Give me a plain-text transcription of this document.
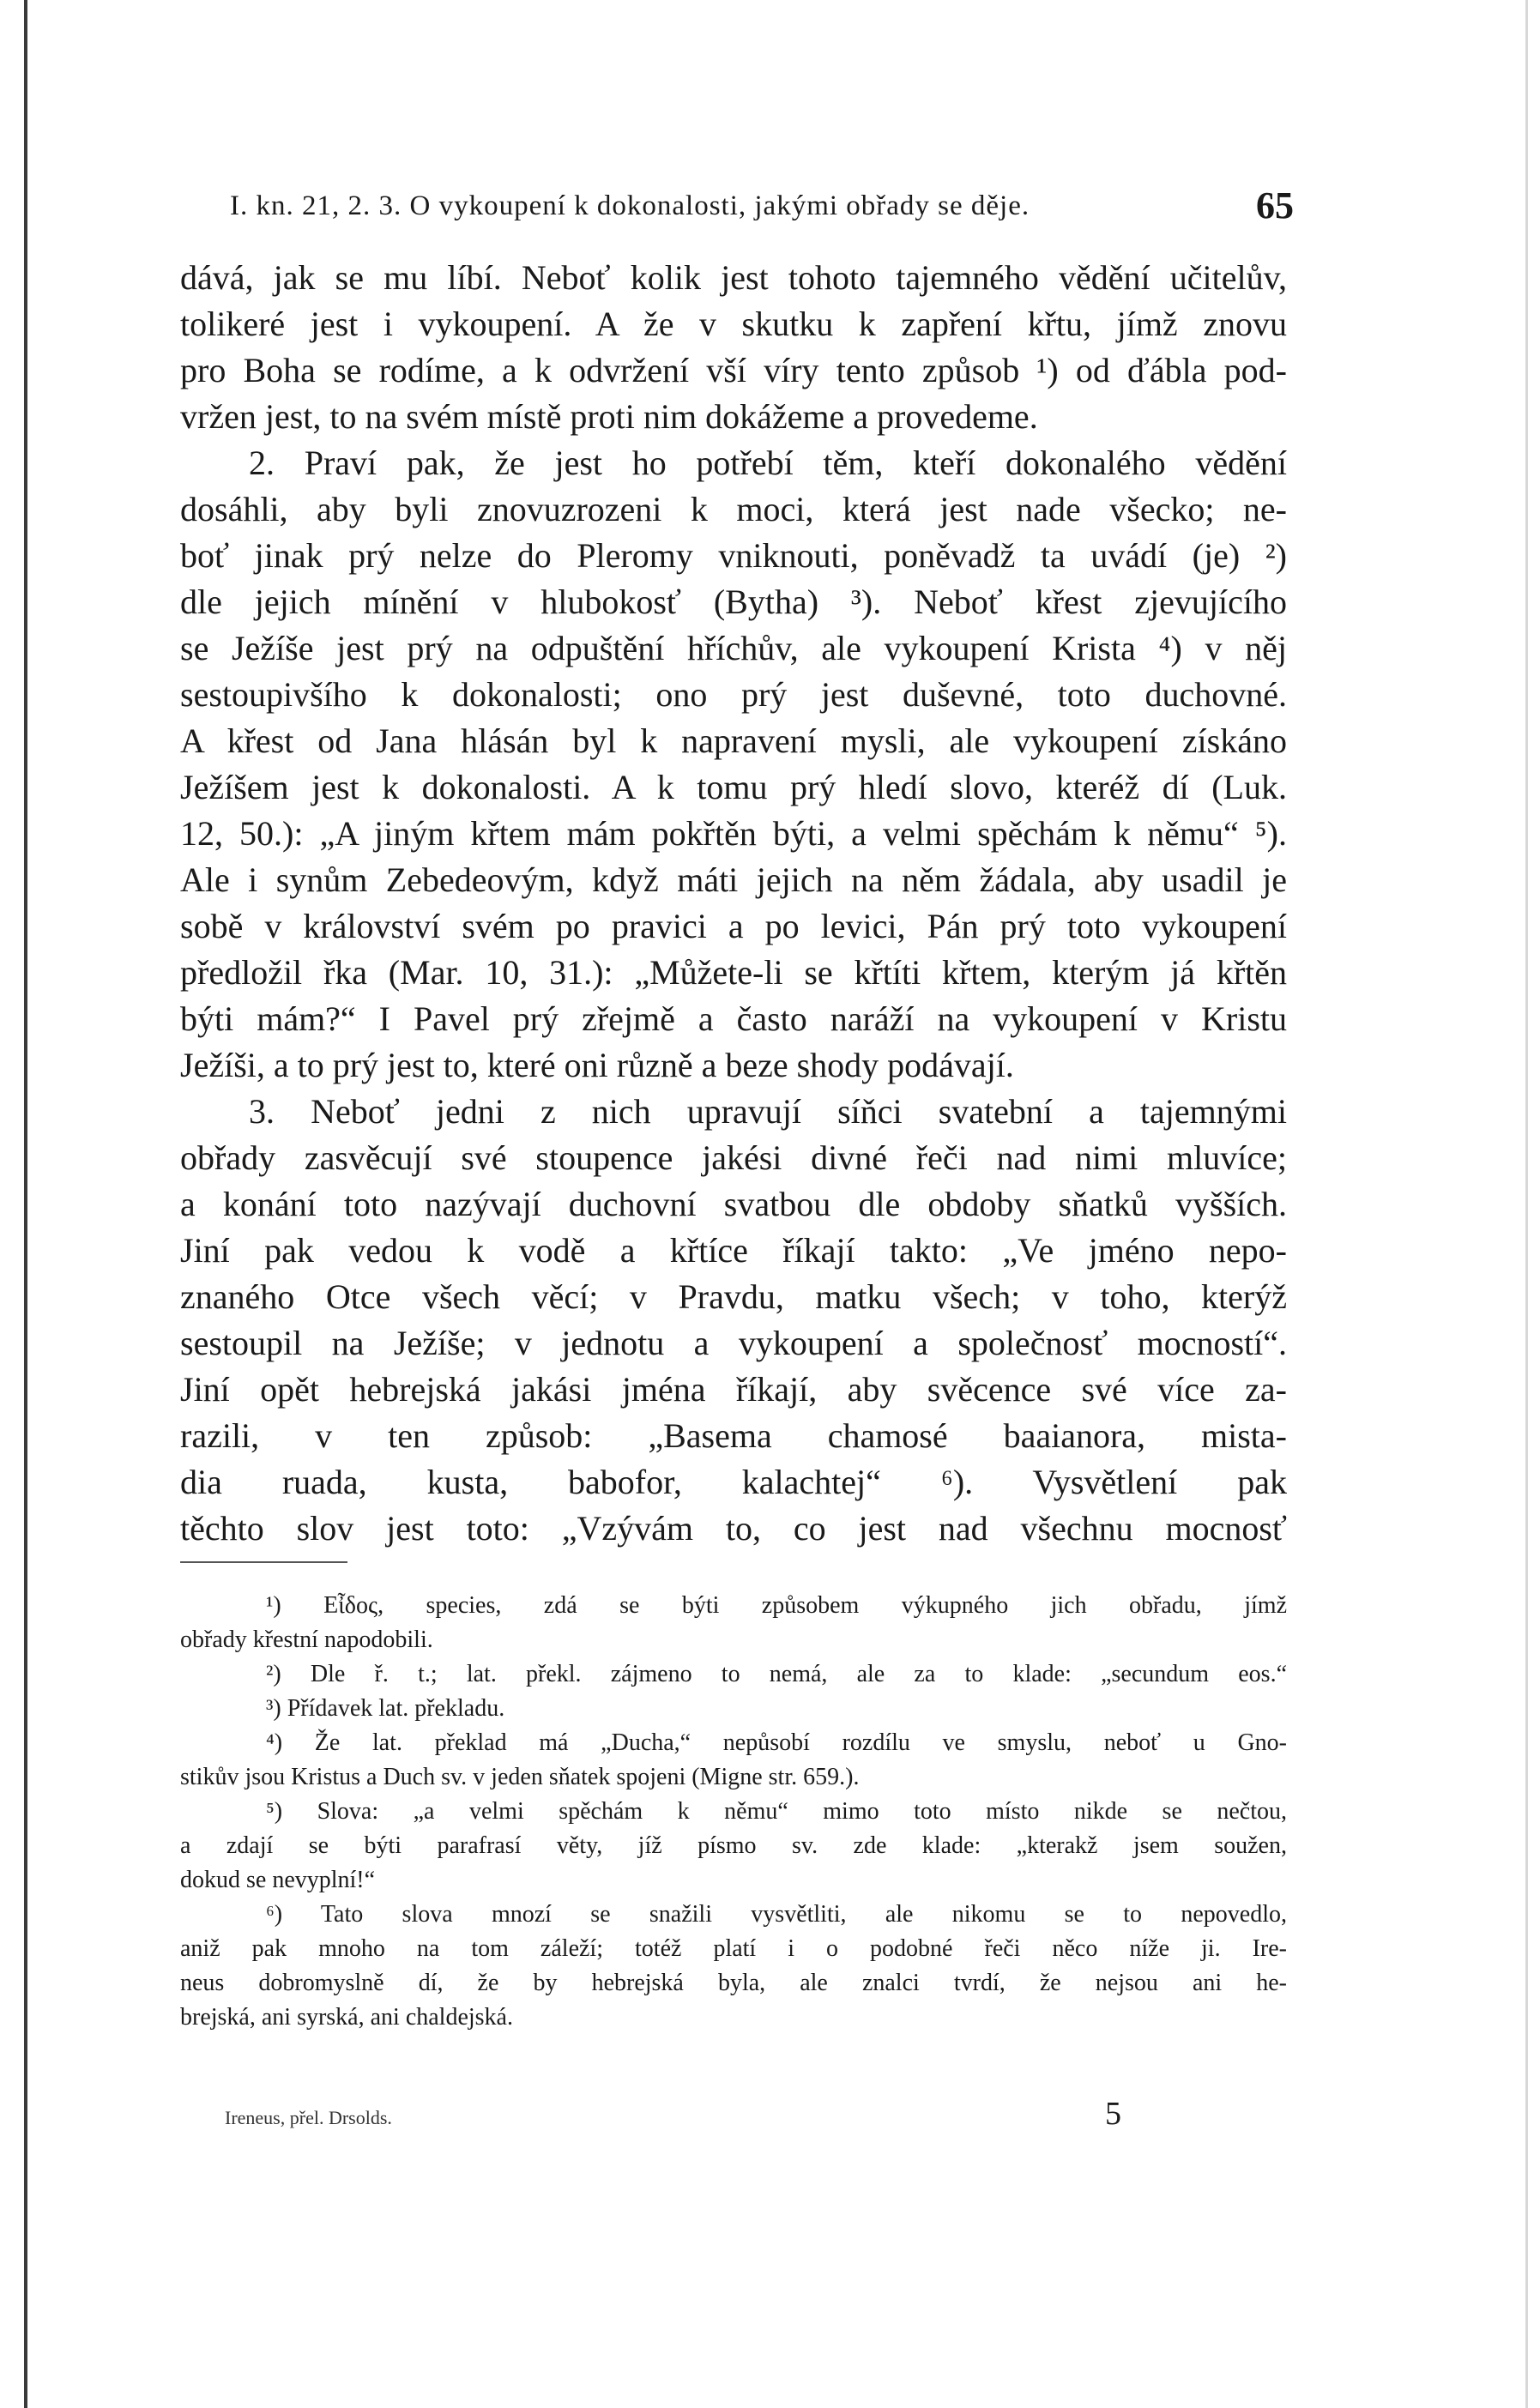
I. kn. 21, 2. 3. O vykoupení k dokonalosti, jakými obřady se děje.	65
dává, jak se mu líbí. Neboť kolik jest tohoto tajemného vědění učitelův,
tolikeré jest i vykoupení. A že v skutku k zapření křtu, jímž znovu
pro Boha se rodíme, a k odvržení vší víry tento způsob ¹) od ďábla pod-
vržen jest, to na svém místě proti nim dokážeme a provedeme.
2. Praví pak, že jest ho potřebí těm, kteří dokonalého vědění
dosáhli, aby byli znovuzrozeni k moci, která jest nade všecko; ne-
boť jinak prý nelze do Pleromy vniknouti, poněvadž ta uvádí (je) ²)
dle jejich mínění v hlubokosť (Bytha) ³). Neboť křest zjevujícího
se Ježíše jest prý na odpuštění hříchův, ale vykoupení Krista ⁴) v něj
sestoupivšího k dokonalosti; ono prý jest duševné, toto duchovné.
A křest od Jana hlásán byl k napravení mysli, ale vykoupení získáno
Ježíšem jest k dokonalosti. A k tomu prý hledí slovo, kteréž dí (Luk.
12, 50.): „A jiným křtem mám pokřtěn býti, a velmi spěchám k němu“ ⁵).
Ale i synům Zebedeovým, když máti jejich na něm žádala, aby usadil je
sobě v království svém po pravici a po levici, Pán prý toto vykoupení
předložil řka (Mar. 10, 31.): „Můžete-li se křtíti křtem, kterým já křtěn
býti mám?“ I Pavel prý zřejmě a často naráží na vykoupení v Kristu
Ježíši, a to prý jest to, které oni různě a beze shody podávají.
3. Neboť jedni z nich upravují síňci svatební a tajemnými
obřady zasvěcují své stoupence jakési divné řeči nad nimi mluvíce;
a konání toto nazývají duchovní svatbou dle obdoby sňatků vyšších.
Jiní pak vedou k vodě a křtíce říkají takto: „Ve jméno nepo-
znaného Otce všech věcí; v Pravdu, matku všech; v toho, kterýž
sestoupil na Ježíše; v jednotu a vykoupení a společnosť mocností“.
Jiní opět hebrejská jakási jména říkají, aby svěcence své více za-
razili, v ten způsob: „Basema chamosé baaianora, mista-
dia ruada, kusta, babofor, kalachtej“ ⁶). Vysvětlení pak
těchto slov jest toto: „Vzývám to, co jest nad všechnu mocnosť
¹) Εἶδος, species, zdá se býti způsobem výkupného jich obřadu, jímž
obřady křestní napodobili.
²) Dle ř. t.; lat. překl. zájmeno to nemá, ale za to klade: „secundum eos.“
³) Přídavek lat. překladu.
⁴) Že lat. překlad má „Ducha,“ nepůsobí rozdílu ve smyslu, neboť u Gno-
stikův jsou Kristus a Duch sv. v jeden sňatek spojeni (Migne str. 659.).
⁵) Slova: „a velmi spěchám k němu“ mimo toto místo nikde se nečtou,
a zdají se býti parafrasí věty, jíž písmo sv. zde klade: „kterakž jsem soužen,
dokud se nevyplní!“
⁶) Tato slova mnozí se snažili vysvětliti, ale nikomu se to nepovedlo,
aniž pak mnoho na tom záleží; totéž platí i o podobné řeči něco níže ji. Ire-
neus dobromyslně dí, že by hebrejská byla, ale znalci tvrdí, že nejsou ani he-
brejská, ani syrská, ani chaldejská.
Ireneus, přel. Drsolds.	5
